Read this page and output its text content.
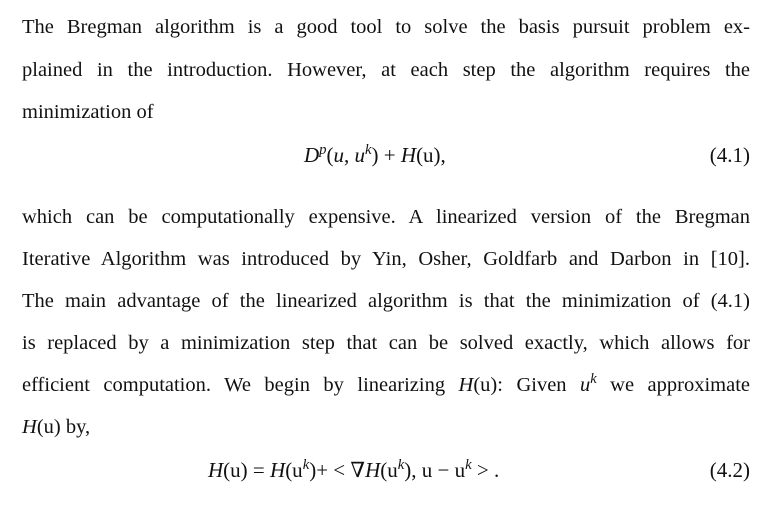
The Bregman algorithm is a good tool to solve the basis pursuit problem ex-
plained in the introduction. However, at each step the algorithm requires the
minimization of
$D^p(u$, $u^k) + H(u)$,	(4.1)
which can be computationally expensive. A linearized version of the Bregman
Iterative Algorithm was introduced by Yin, Osher, Goldfarb and Darbon in [10].
The main advantage of the linearized algorithm is that the minimization of (4.1)
is replaced by a minimization step that can be solved exactly, which allows for
efficient computation. We begin by linearizing H(u): Given $u^k$ we approximate
H(u) by,
$H(u) = H(u^k)+ < \nabla H(u^k)$, $u - u^k$ > .	(4.2)
